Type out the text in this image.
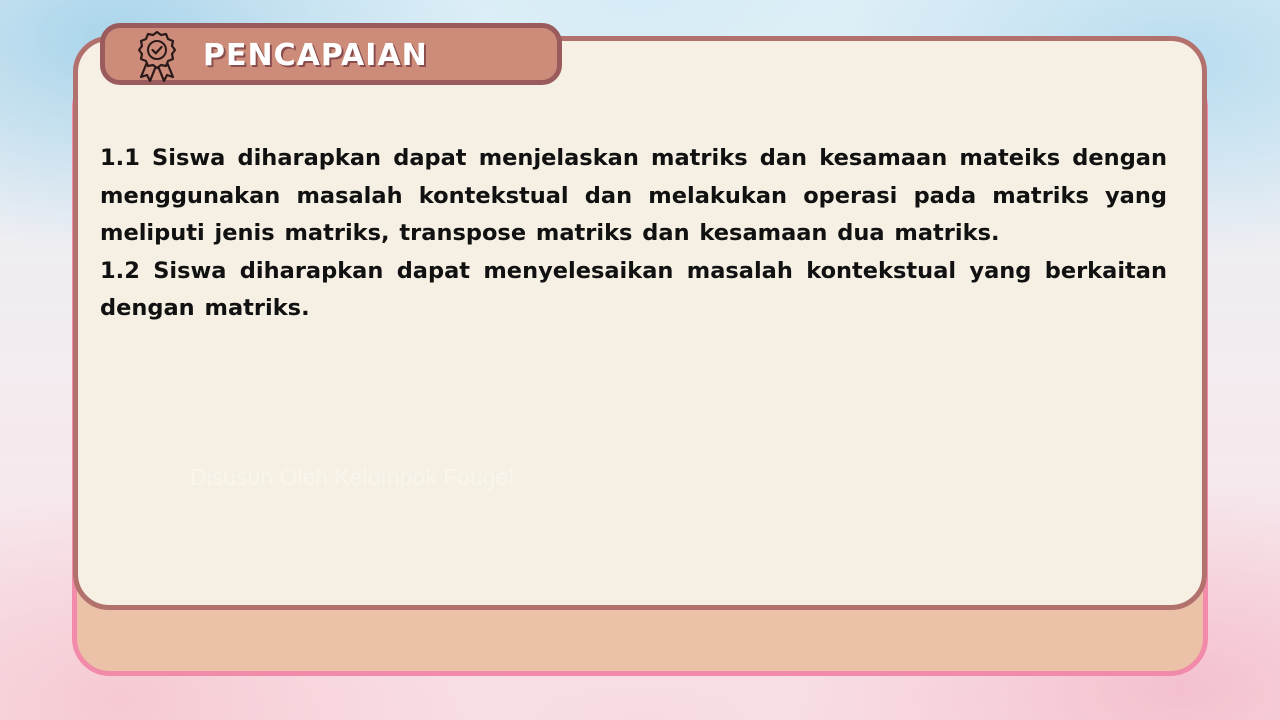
PENCAPAIAN

1.1 Siswa diharapkan dapat menjelaskan matriks dan kesamaan mateiks dengan menggunakan masalah kontekstual dan melakukan operasi pada matriks yang meliputi jenis matriks, transpose matriks dan kesamaan dua matriks.

1.2 Siswa diharapkan dapat menyelesaikan masalah kontekstual yang berkaitan dengan matriks.

Disusun Oleh Kelompok Fougel
